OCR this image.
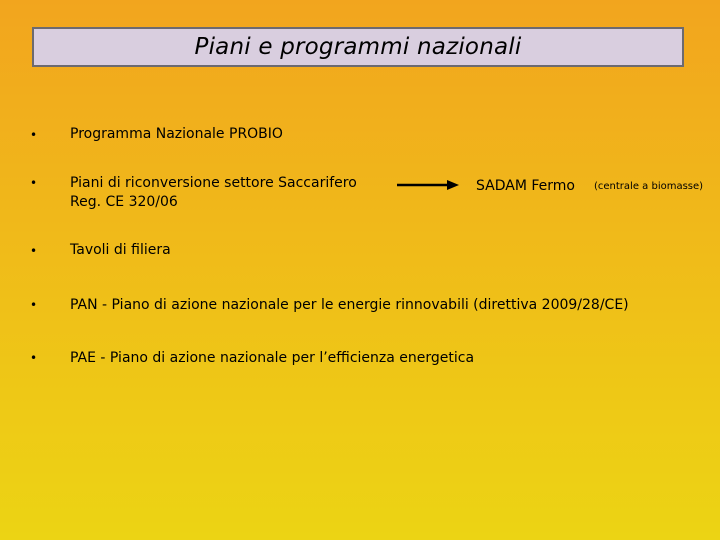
Piani e programmi nazionali
• Programma Nazionale PROBIO
• Piani di riconversione settore Saccarifero
Reg. CE 320/06
SADAM Fermo (centrale a biomasse)
• Tavoli di filiera
• PAN - Piano di azione nazionale per le energie rinnovabili (direttiva 2009/28/CE)
• PAE - Piano di azione nazionale per l’efficienza energetica
